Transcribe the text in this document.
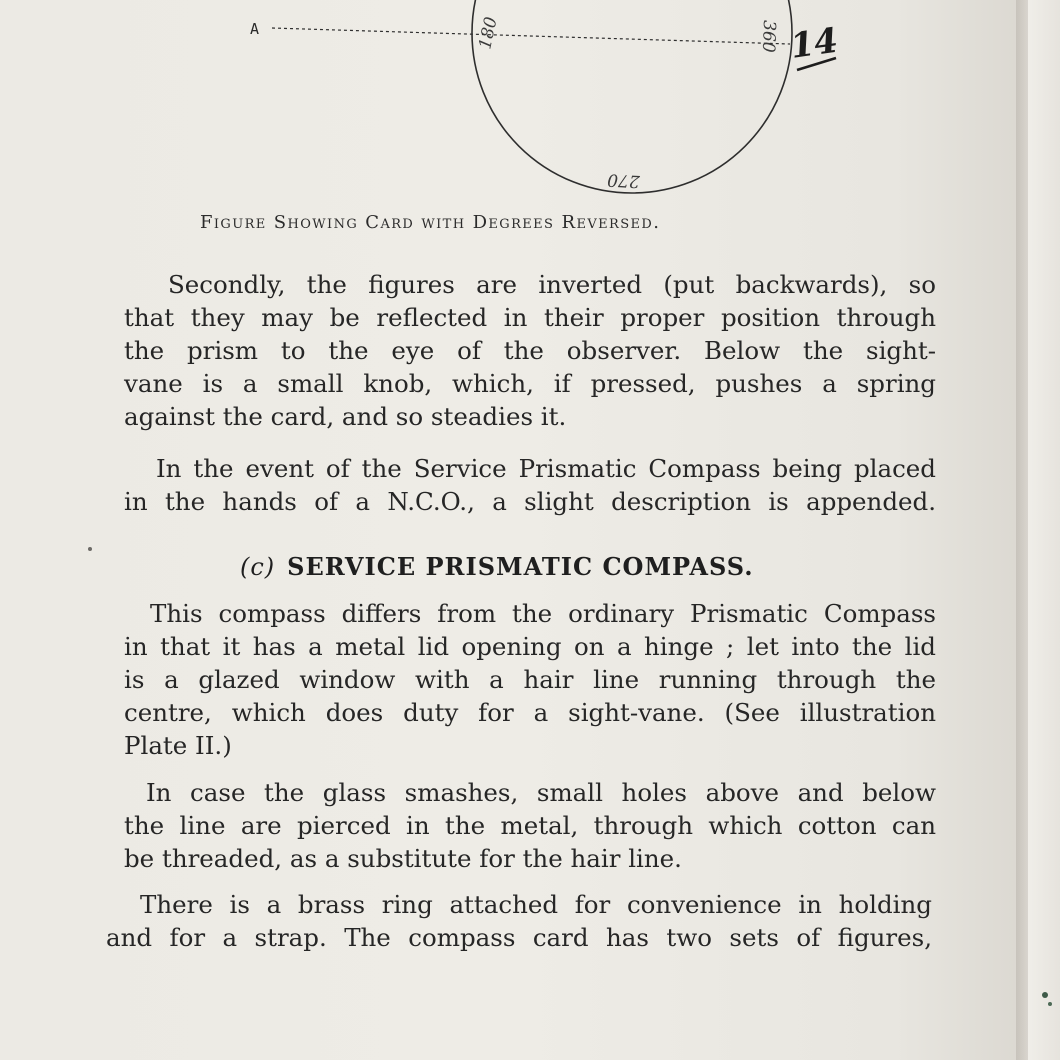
A	180	360
270
14

Figure Showing Card with Degrees Reversed.

Secondly, the figures are inverted (put backwards), so
that they may be reflected in their proper position through
the prism to the eye of the observer. Below the sight-
vane is a small knob, which, if pressed, pushes a spring
against the card, and so steadies it.

In the event of the Service Prismatic Compass being placed
in the hands of a N.C.O., a slight description is appended.

(c) SERVICE PRISMATIC COMPASS.

This compass differs from the ordinary Prismatic Compass
in that it has a metal lid opening on a hinge ; let into the lid
is a glazed window with a hair line running through the
centre, which does duty for a sight-vane. (See illustration
Plate II.)

In case the glass smashes, small holes above and below
the line are pierced in the metal, through which cotton can
be threaded, as a substitute for the hair line.

There is a brass ring attached for convenience in holding
and for a strap. The compass card has two sets of figures,
